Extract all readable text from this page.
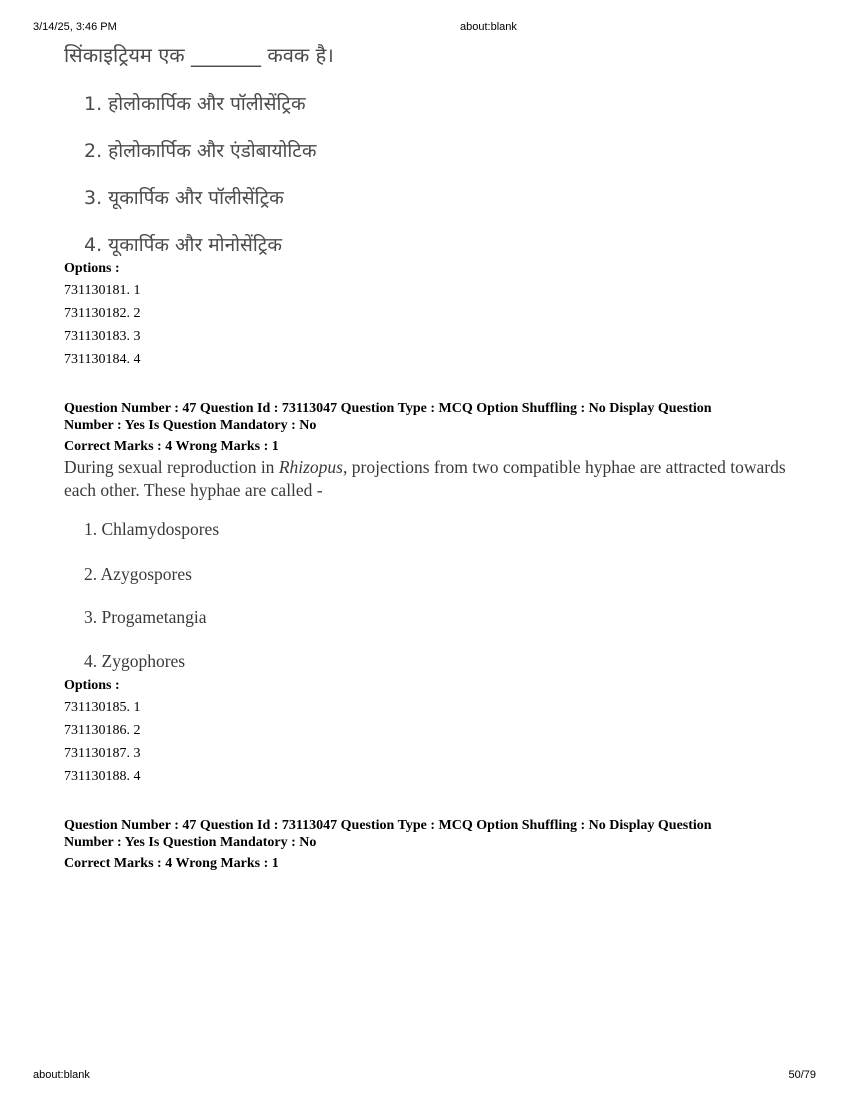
3/14/25, 3:46 PM	about:blank
सिंकाइट्रियम एक _______ कवक है।
1. होलोकार्पिक और पॉलीसेंट्रिक
2. होलोकार्पिक और एंडोबायोटिक
3. यूकार्पिक और पॉलीसेंट्रिक
4. यूकार्पिक और मोनोसेंट्रिक
Options :
731130181. 1
731130182. 2
731130183. 3
731130184. 4
Question Number : 47 Question Id : 73113047 Question Type : MCQ Option Shuffling : No Display Question
Number : Yes Is Question Mandatory : No
Correct Marks : 4 Wrong Marks : 1
During sexual reproduction in Rhizopus, projections from two compatible hyphae are attracted towards each other. These hyphae are called -
1. Chlamydospores
2. Azygospores
3. Progametangia
4. Zygophores
Options :
731130185. 1
731130186. 2
731130187. 3
731130188. 4
Question Number : 47 Question Id : 73113047 Question Type : MCQ Option Shuffling : No Display Question
Number : Yes Is Question Mandatory : No
Correct Marks : 4 Wrong Marks : 1
about:blank	50/79
